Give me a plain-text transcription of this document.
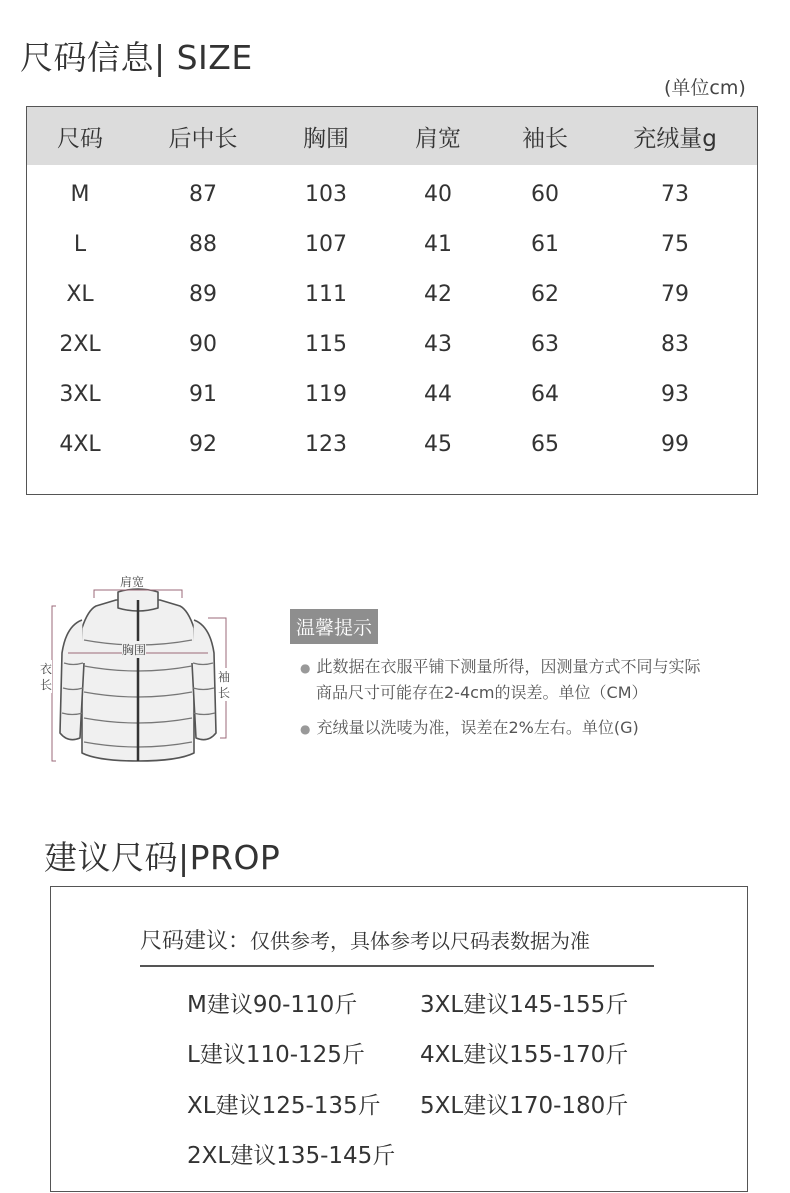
尺码信息| SIZE
(单位cm)
尺码	后中长	胸围	肩宽	袖长	充绒量g
M	87	103	40	60	73
L	88	107	41	61	75
XL	89	111	42	62	79
2XL	90	115	43	63	83
3XL	91	119	44	64	93
4XL	92	123	45	65	99
肩宽
胸围
衣
长
袖
长
温馨提示
● 此数据在衣服平铺下测量所得，因测量方式不同与实际
商品尺寸可能存在2-4cm的误差。单位（CM）
● 充绒量以洗唛为准，误差在2%左右。单位(G)
建议尺码|PROP
尺码建议：仅供参考，具体参考以尺码表数据为准
M建议90-110斤
L建议110-125斤
XL建议125-135斤
2XL建议135-145斤
3XL建议145-155斤
4XL建议155-170斤
5XL建议170-180斤
